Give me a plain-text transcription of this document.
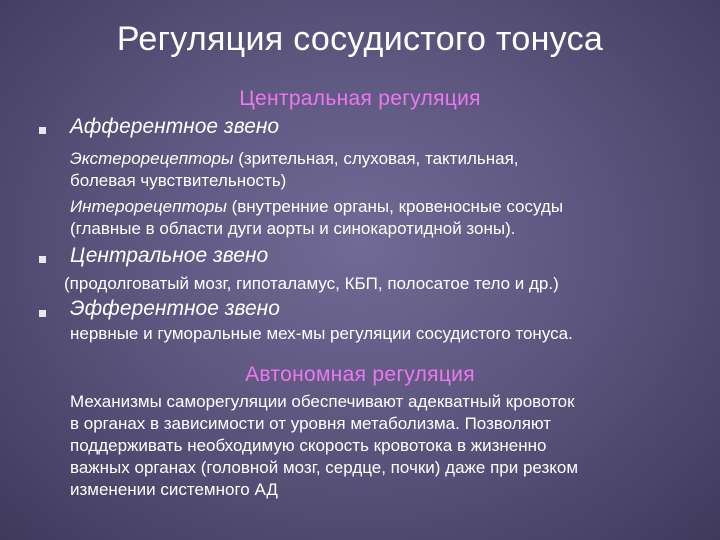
Регуляция сосудистого тонуса
Центральная регуляция
Афферентное звено
Экстерорецепторы (зрительная, слуховая, тактильная,
болевая чувствительность)
Интерорецепторы (внутренние органы, кровеносные сосуды
(главные в области дуги аорты и синокаротидной зоны).
Центральное звено
(продолговатый мозг, гипоталамус, КБП, полосатое тело и др.)
Эфферентное звено
нервные и гуморальные мех-мы регуляции сосудистого тонуса.
Автономная регуляция
Механизмы саморегуляции обеспечивают адекватный кровоток
в органах в зависимости от уровня метаболизма. Позволяют
поддерживать необходимую скорость кровотока в жизненно
важных органах (головной мозг, сердце, почки) даже при резком
изменении системного АД
